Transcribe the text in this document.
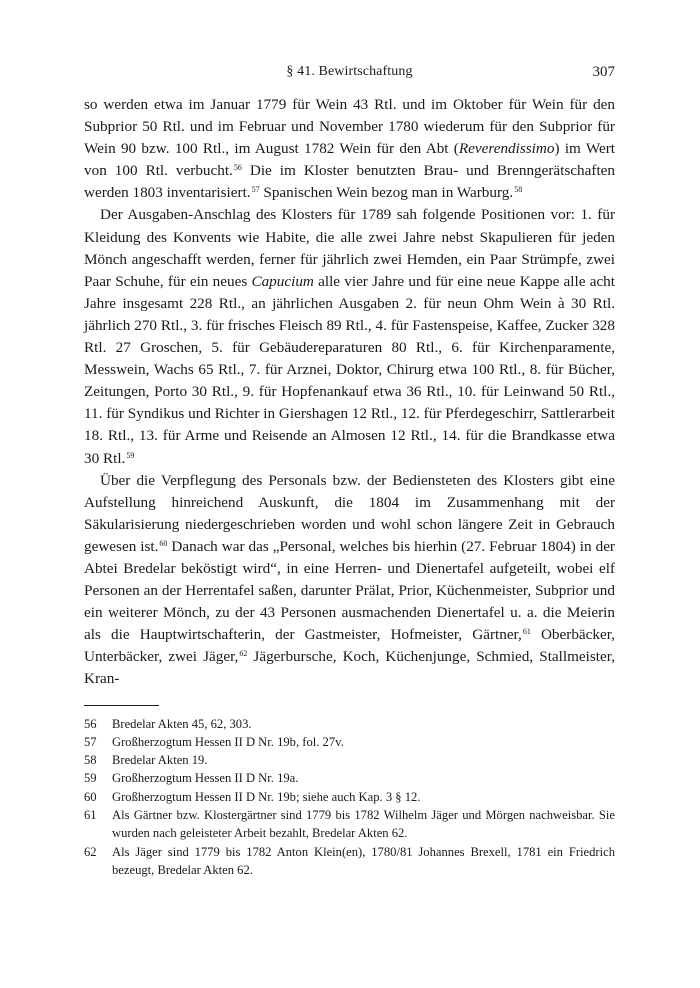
§ 41. Bewirtschaftung	307

so werden etwa im Januar 1779 für Wein 43 Rtl. und im Oktober für Wein für den Subprior 50 Rtl. und im Februar und November 1780 wiederum für den Subprior für Wein 90 bzw. 100 Rtl., im August 1782 Wein für den Abt (Reverendissimo) im Wert von 100 Rtl. verbucht.$^{56}$ Die im Kloster benutzten Brau- und Brenngerätschaften werden 1803 inventarisiert.$^{57}$ Spanischen Wein bezog man in Warburg.$^{58}$

Der Ausgaben-Anschlag des Klosters für 1789 sah folgende Positionen vor: 1. für Kleidung des Konvents wie Habite, die alle zwei Jahre nebst Skapulieren für jeden Mönch angeschafft werden, ferner für jährlich zwei Hemden, ein Paar Strümpfe, zwei Paar Schuhe, für ein neues Capucium alle vier Jahre und für eine neue Kappe alle acht Jahre insgesamt 228 Rtl., an jährlichen Ausgaben 2. für neun Ohm Wein à 30 Rtl. jährlich 270 Rtl., 3. für frisches Fleisch 89 Rtl., 4. für Fastenspeise, Kaffee, Zucker 328 Rtl. 27 Groschen, 5. für Gebäudereparaturen 80 Rtl., 6. für Kirchenparamente, Messwein, Wachs 65 Rtl., 7. für Arznei, Doktor, Chirurg etwa 100 Rtl., 8. für Bücher, Zeitungen, Porto 30 Rtl., 9. für Hopfenankauf etwa 36 Rtl., 10. für Leinwand 50 Rtl., 11. für Syndikus und Richter in Giershagen 12 Rtl., 12. für Pferdegeschirr, Sattlerarbeit 18. Rtl., 13. für Arme und Reisende an Almosen 12 Rtl., 14. für die Brandkasse etwa 30 Rtl.$^{59}$

Über die Verpflegung des Personals bzw. der Bediensteten des Klosters gibt eine Aufstellung hinreichend Auskunft, die 1804 im Zusammenhang mit der Säkularisierung niedergeschrieben worden und wohl schon längere Zeit in Gebrauch gewesen ist.$^{60}$ Danach war das „Personal, welches bis hierhin (27. Februar 1804) in der Abtei Bredelar beköstigt wird“, in eine Herren- und Dienertafel aufgeteilt, wobei elf Personen an der Herrentafel saßen, darunter Prälat, Prior, Küchenmeister, Subprior und ein weiterer Mönch, zu der 43 Personen ausmachenden Dienertafel u. a. die Meierin als die Hauptwirtschafterin, der Gastmeister, Hofmeister, Gärtner,$^{61}$ Oberbäcker, Unterbäcker, zwei Jäger,$^{62}$ Jägerbursche, Koch, Küchenjunge, Schmied, Stallmeister, Kran-

56	Bredelar Akten 45, 62, 303.
57	Großherzogtum Hessen II D Nr. 19b, fol. 27v.
58	Bredelar Akten 19.
59	Großherzogtum Hessen II D Nr. 19a.
60	Großherzogtum Hessen II D Nr. 19b; siehe auch Kap. 3 § 12.
61	Als Gärtner bzw. Klostergärtner sind 1779 bis 1782 Wilhelm Jäger und Mörgen nachweisbar. Sie wurden nach geleisteter Arbeit bezahlt, Bredelar Akten 62.
62	Als Jäger sind 1779 bis 1782 Anton Klein(en), 1780/81 Johannes Brexell, 1781 ein Friedrich bezeugt, Bredelar Akten 62.
